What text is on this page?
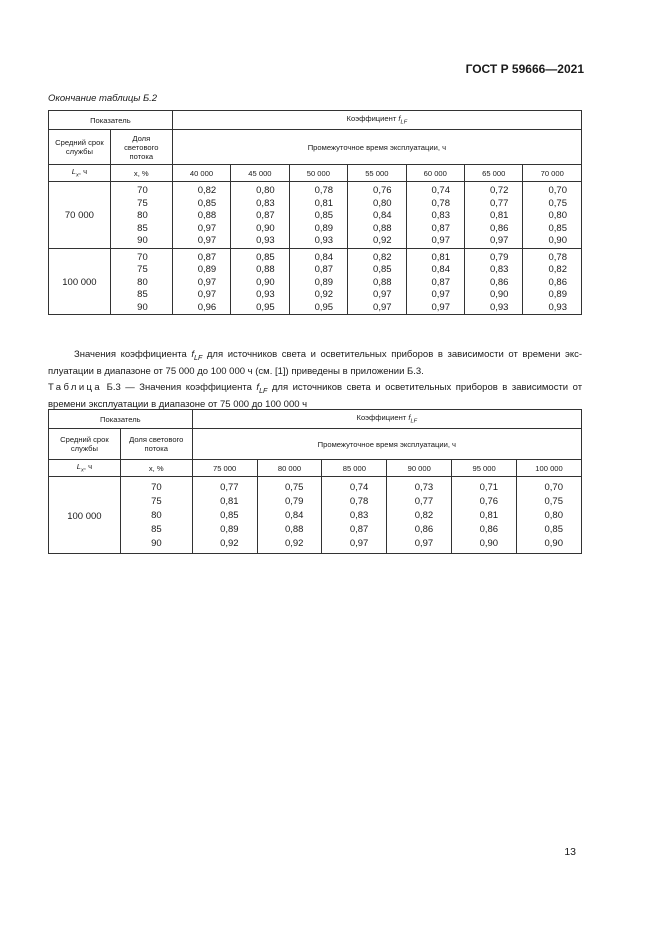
ГОСТ Р 59666—2021
Окончание таблицы Б.2
Показатель		Коэффициент $f_{LF}$
Средний срок службы	Доля светового потока	Промежуточное время эксплуатации, ч						
$L_x$, ч	x, %	40 000	45 000	50 000	55 000	60 000	65 000	70 000

70 000	70	0,82	0,80	0,78	0,76	0,74	0,72	0,70
	75	0,85	0,83	0,81	0,80	0,78	0,77	0,75
	80	0,88	0,87	0,85	0,84	0,83	0,81	0,80
	85	0,97	0,90	0,89	0,88	0,87	0,86	0,85
	90	0,97	0,93	0,93	0,92	0,97	0,97	0,90

100 000	70	0,87	0,85	0,84	0,82	0,81	0,79	0,78
	75	0,89	0,88	0,87	0,85	0,84	0,83	0,82
	80	0,97	0,90	0,89	0,88	0,87	0,86	0,86
	85	0,97	0,93	0,92	0,97	0,97	0,90	0,89
	90	0,96	0,95	0,95	0,97	0,97	0,93	0,93
Значения коэффициента $f_{LF}$ для источников света и осветительных приборов в зависимости от времени эксплуатации в диапазоне от 75 000 до 100 000 ч (см. [1]) приведены в приложении Б.3.
Таблица Б.3 — Значения коэффициента $f_{LF}$ для источников света и осветительных приборов в зависимости от времени эксплуатации в диапазоне от 75 000 до 100 000 ч
Показатель		Коэффициент $f_{LF}$
Средний срок службы	Доля светового потока	Промежуточное время эксплуатации, ч					
$L_x$, ч	x, %	75 000	80 000	85 000	90 000	95 000	100 000

100 000	70	0,77	0,75	0,74	0,73	0,71	0,70
	75	0,81	0,79	0,78	0,77	0,76	0,75
	80	0,85	0,84	0,83	0,82	0,81	0,80
	85	0,89	0,88	0,87	0,86	0,86	0,85
	90	0,92	0,92	0,97	0,97	0,90	0,90
13
